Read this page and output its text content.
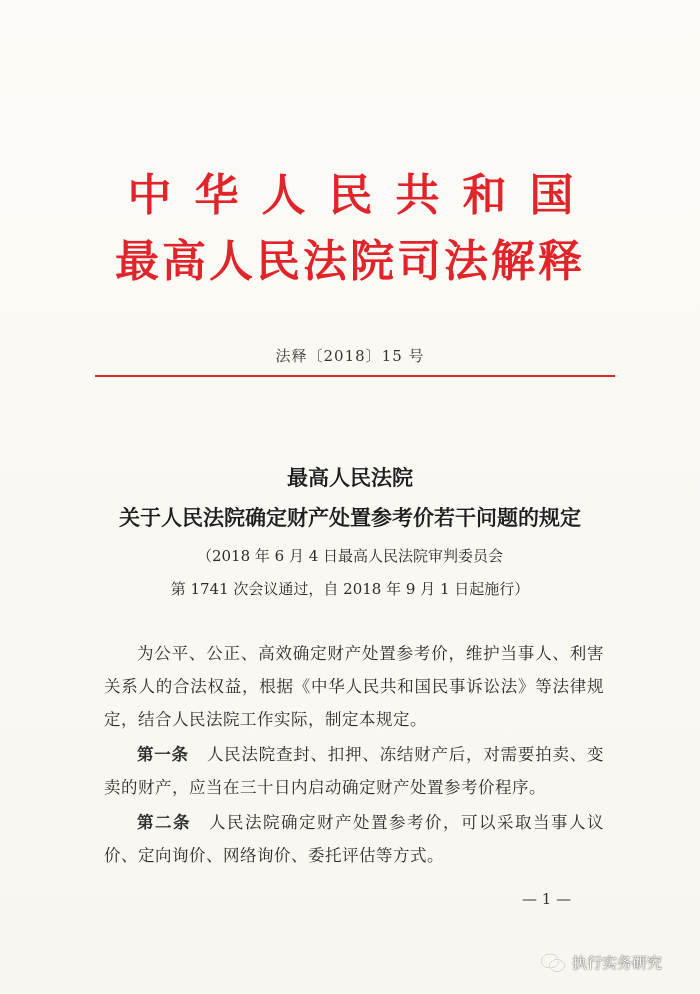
中华人民共和国
最高人民法院司法解释
法释〔2018〕15 号
最高人民法院
关于人民法院确定财产处置参考价若干问题的规定
（2018 年 6 月 4 日最高人民法院审判委员会
第 1741 次会议通过，自 2018 年 9 月 1 日起施行）

为公平、公正、高效确定财产处置参考价，维护当事人、利害关系人的合法权益，根据《中华人民共和国民事诉讼法》等法律规定，结合人民法院工作实际，制定本规定。

第一条 人民法院查封、扣押、冻结财产后，对需要拍卖、变卖的财产，应当在三十日内启动确定财产处置参考价程序。

第二条 人民法院确定财产处置参考价，可以采取当事人议价、定向询价、网络询价、委托评估等方式。

— 1 —
执行实务研究
